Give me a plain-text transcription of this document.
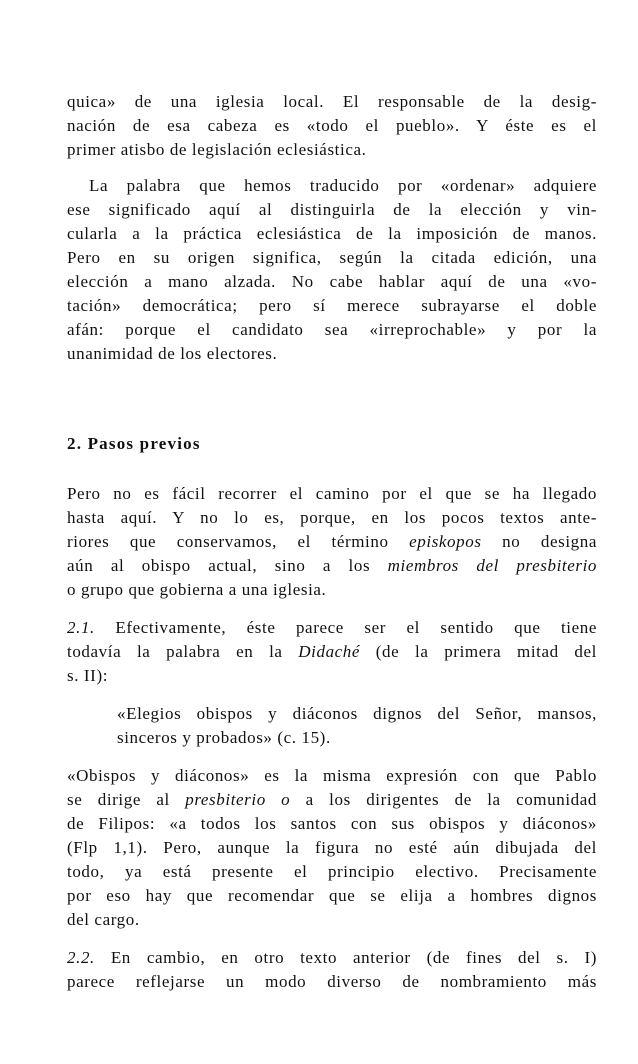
quica» de una iglesia local. El responsable de la desig-
nación de esa cabeza es «todo el pueblo». Y éste es el
primer atisbo de legislación eclesiástica.
La palabra que hemos traducido por «ordenar» adquiere
ese significado aquí al distinguirla de la elección y vin-
cularla a la práctica eclesiástica de la imposición de manos.
Pero en su origen significa, según la citada edición, una
elección a mano alzada. No cabe hablar aquí de una «vo-
tación» democrática; pero sí merece subrayarse el doble
afán: porque el candidato sea «irreprochable» y por la
unanimidad de los electores.
2. Pasos previos
Pero no es fácil recorrer el camino por el que se ha llegado
hasta aquí. Y no lo es, porque, en los pocos textos ante-
riores que conservamos, el término episkopos no designa
aún al obispo actual, sino a los miembros del presbiterio
o grupo que gobierna a una iglesia.
2.1. Efectivamente, éste parece ser el sentido que tiene
todavía la palabra en la Didaché (de la primera mitad del
s. II):
«Elegios obispos y diáconos dignos del Señor, mansos,
sinceros y probados» (c. 15).
«Obispos y diáconos» es la misma expresión con que Pablo
se dirige al presbiterio o a los dirigentes de la comunidad
de Filipos: «a todos los santos con sus obispos y diáconos»
(Flp 1,1). Pero, aunque la figura no esté aún dibujada del
todo, ya está presente el principio electivo. Precisamente
por eso hay que recomendar que se elija a hombres dignos
del cargo.
2.2. En cambio, en otro texto anterior (de fines del s. I)
parece reflejarse un modo diverso de nombramiento más
